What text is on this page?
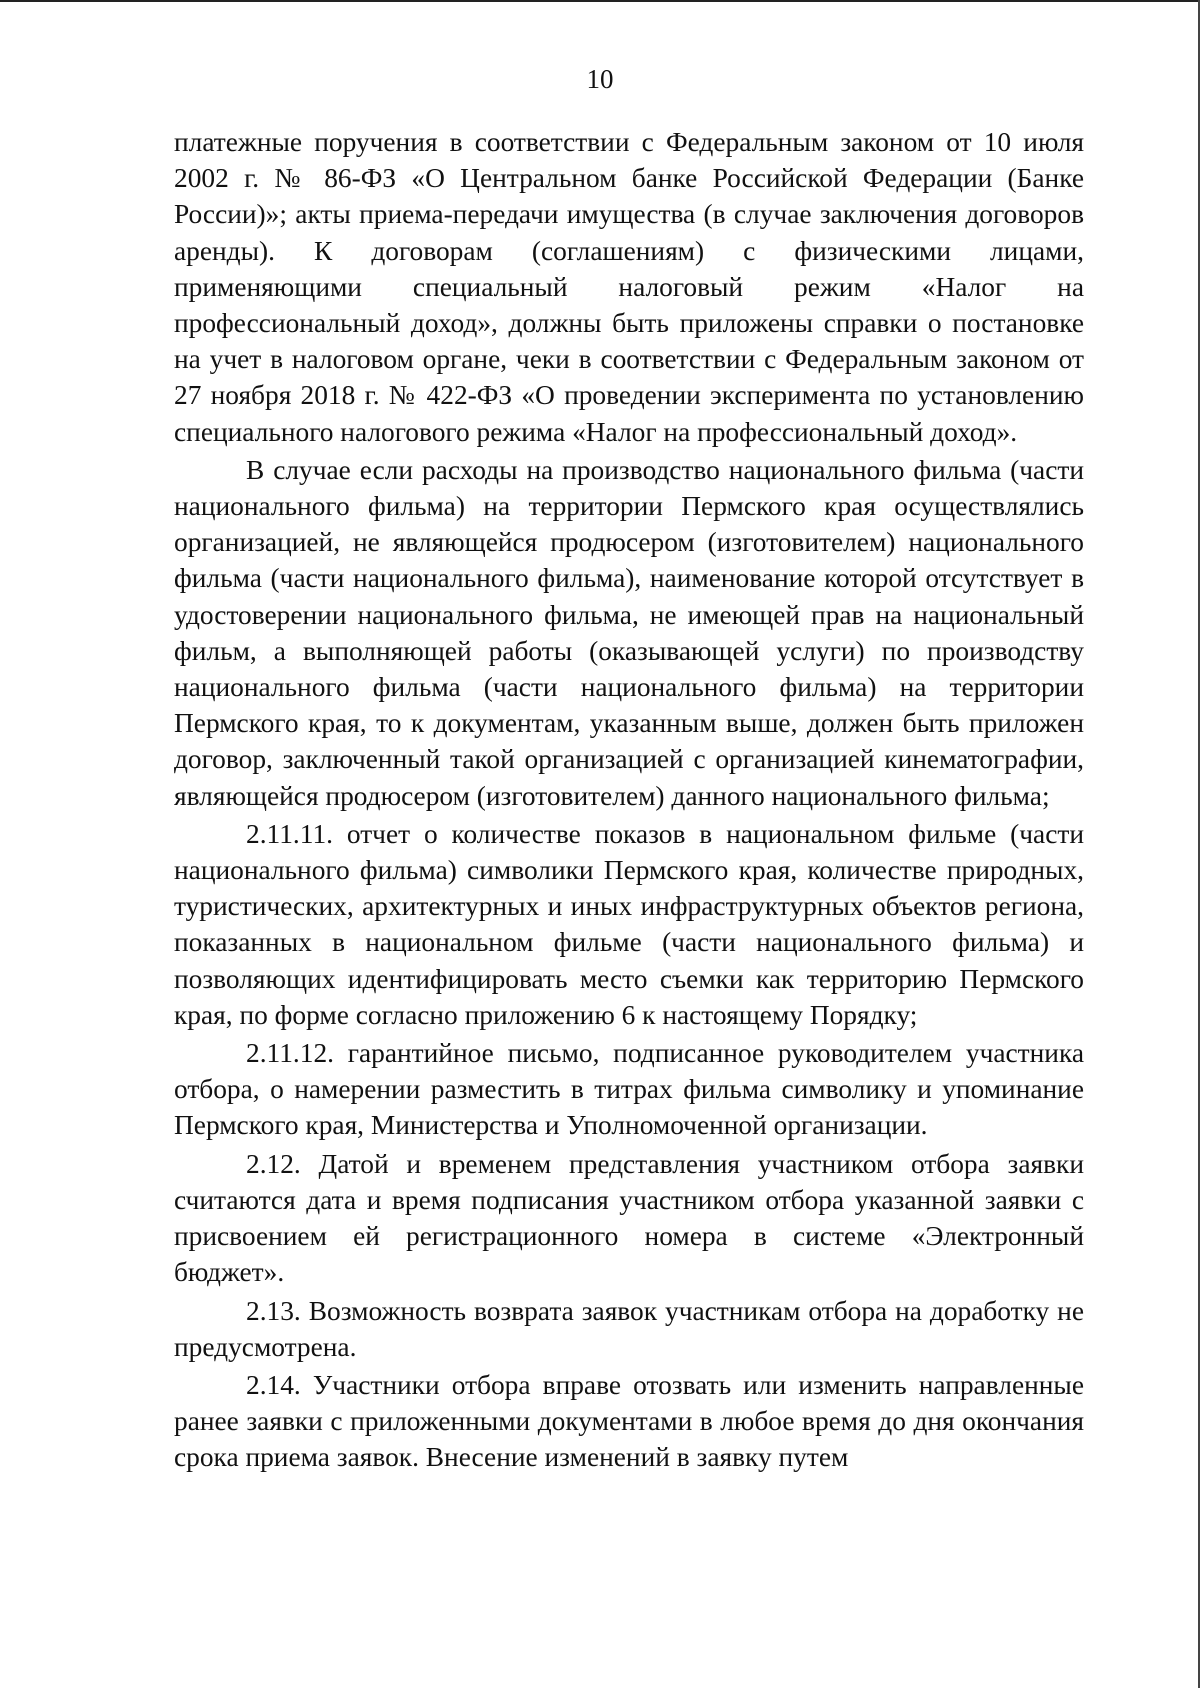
10

платежные поручения в соответствии с Федеральным законом от 10 июля 2002 г. № 86-ФЗ «О Центральном банке Российской Федерации (Банке России)»; акты приема-передачи имущества (в случае заключения договоров аренды). К договорам (соглашениям) с физическими лицами, применяющими специальный налоговый режим «Налог на профессиональный доход», должны быть приложены справки о постановке на учет в налоговом органе, чеки в соответствии с Федеральным законом от 27 ноября 2018 г. № 422-ФЗ «О проведении эксперимента по установлению специального налогового режима «Налог на профессиональный доход».

В случае если расходы на производство национального фильма (части национального фильма) на территории Пермского края осуществлялись организацией, не являющейся продюсером (изготовителем) национального фильма (части национального фильма), наименование которой отсутствует в удостоверении национального фильма, не имеющей прав на национальный фильм, а выполняющей работы (оказывающей услуги) по производству национального фильма (части национального фильма) на территории Пермского края, то к документам, указанным выше, должен быть приложен договор, заключенный такой организацией с организацией кинематографии, являющейся продюсером (изготовителем) данного национального фильма;

2.11.11. отчет о количестве показов в национальном фильме (части национального фильма) символики Пермского края, количестве природных, туристических, архитектурных и иных инфраструктурных объектов региона, показанных в национальном фильме (части национального фильма) и позволяющих идентифицировать место съемки как территорию Пермского края, по форме согласно приложению 6 к настоящему Порядку;

2.11.12. гарантийное письмо, подписанное руководителем участника отбора, о намерении разместить в титрах фильма символику и упоминание Пермского края, Министерства и Уполномоченной организации.

2.12. Датой и временем представления участником отбора заявки считаются дата и время подписания участником отбора указанной заявки с присвоением ей регистрационного номера в системе «Электронный бюджет».

2.13. Возможность возврата заявок участникам отбора на доработку не предусмотрена.

2.14. Участники отбора вправе отозвать или изменить направленные ранее заявки с приложенными документами в любое время до дня окончания срока приема заявок. Внесение изменений в заявку путем
